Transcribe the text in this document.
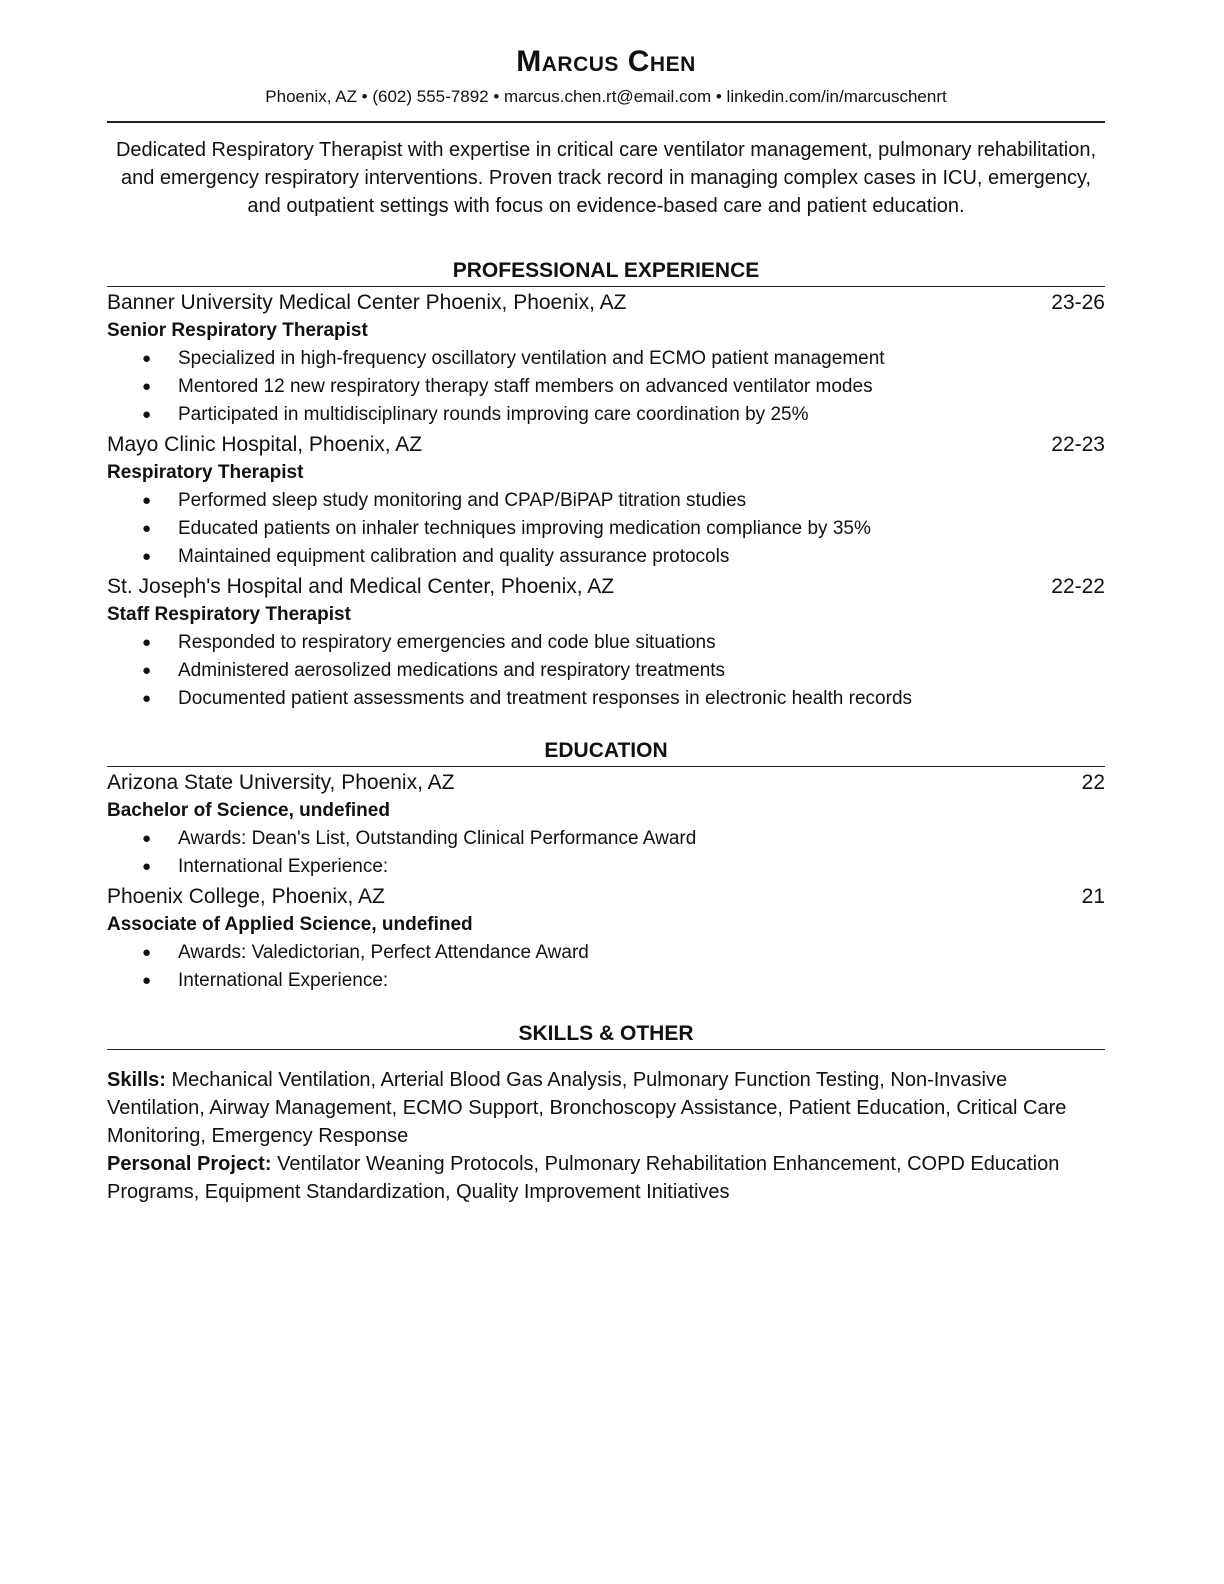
Marcus Chen
Phoenix, AZ • (602) 555-7892 • marcus.chen.rt@email.com • linkedin.com/in/marcuschenrt
Dedicated Respiratory Therapist with expertise in critical care ventilator management, pulmonary rehabilitation, and emergency respiratory interventions. Proven track record in managing complex cases in ICU, emergency, and outpatient settings with focus on evidence-based care and patient education.
PROFESSIONAL EXPERIENCE
Banner University Medical Center Phoenix, Phoenix, AZ	23-26
Senior Respiratory Therapist
● Specialized in high-frequency oscillatory ventilation and ECMO patient management
● Mentored 12 new respiratory therapy staff members on advanced ventilator modes
● Participated in multidisciplinary rounds improving care coordination by 25%
Mayo Clinic Hospital, Phoenix, AZ	22-23
Respiratory Therapist
● Performed sleep study monitoring and CPAP/BiPAP titration studies
● Educated patients on inhaler techniques improving medication compliance by 35%
● Maintained equipment calibration and quality assurance protocols
St. Joseph's Hospital and Medical Center, Phoenix, AZ	22-22
Staff Respiratory Therapist
● Responded to respiratory emergencies and code blue situations
● Administered aerosolized medications and respiratory treatments
● Documented patient assessments and treatment responses in electronic health records
EDUCATION
Arizona State University, Phoenix, AZ	22
Bachelor of Science, undefined
● Awards: Dean's List, Outstanding Clinical Performance Award
● International Experience:
Phoenix College, Phoenix, AZ	21
Associate of Applied Science, undefined
● Awards: Valedictorian, Perfect Attendance Award
● International Experience:
SKILLS & OTHER
Skills: Mechanical Ventilation, Arterial Blood Gas Analysis, Pulmonary Function Testing, Non-Invasive Ventilation, Airway Management, ECMO Support, Bronchoscopy Assistance, Patient Education, Critical Care Monitoring, Emergency Response
Personal Project: Ventilator Weaning Protocols, Pulmonary Rehabilitation Enhancement, COPD Education Programs, Equipment Standardization, Quality Improvement Initiatives
